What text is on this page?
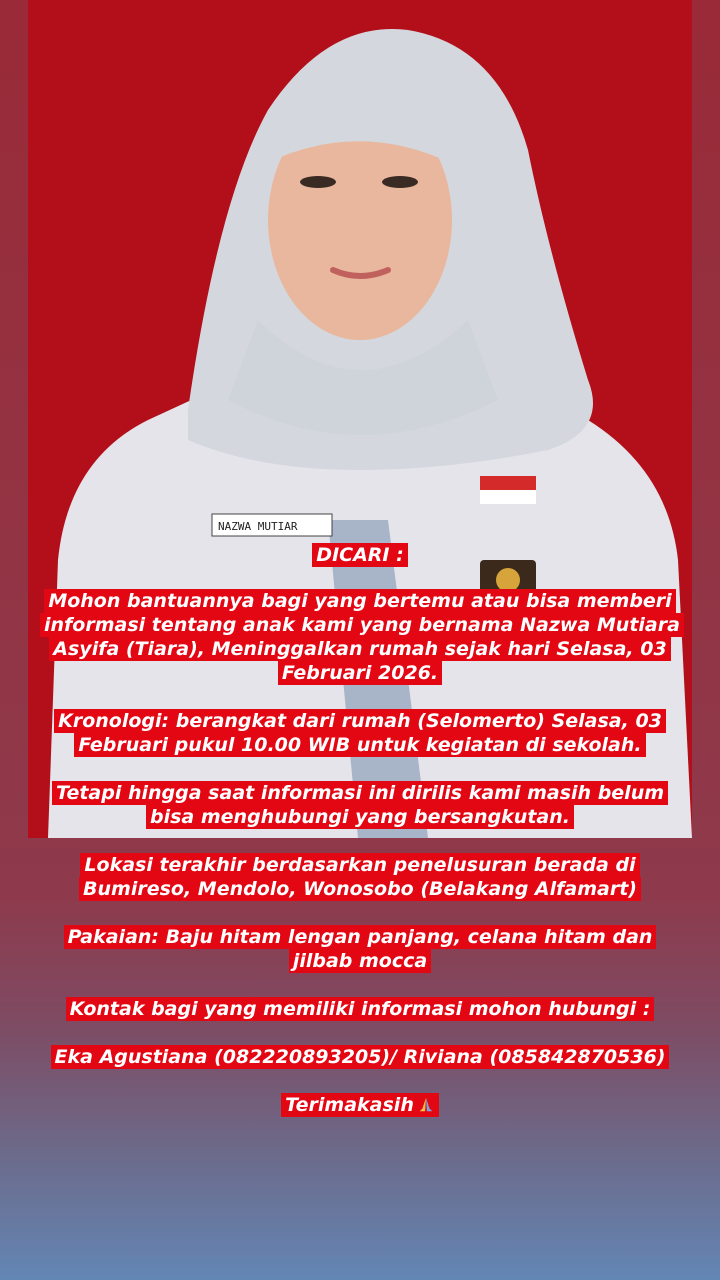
NAZWA MUTIAR
DICARI :
Mohon bantuannya bagi yang bertemu atau bisa memberi informasi tentang anak kami yang bernama Nazwa Mutiara Asyifa (Tiara), Meninggalkan rumah sejak hari Selasa, 03 Februari 2026.
Kronologi: berangkat dari rumah (Selomerto) Selasa, 03 Februari pukul 10.00 WIB untuk kegiatan di sekolah.
Tetapi hingga saat informasi ini dirilis kami masih belum bisa menghubungi yang bersangkutan.
Lokasi terakhir berdasarkan penelusuran berada di Bumireso, Mendolo, Wonosobo (Belakang Alfamart)
Pakaian: Baju hitam lengan panjang, celana hitam dan jilbab mocca
Kontak bagi yang memiliki informasi mohon hubungi :
Eka Agustiana (082220893205)/ Riviana (085842870536)
Terimakasih
